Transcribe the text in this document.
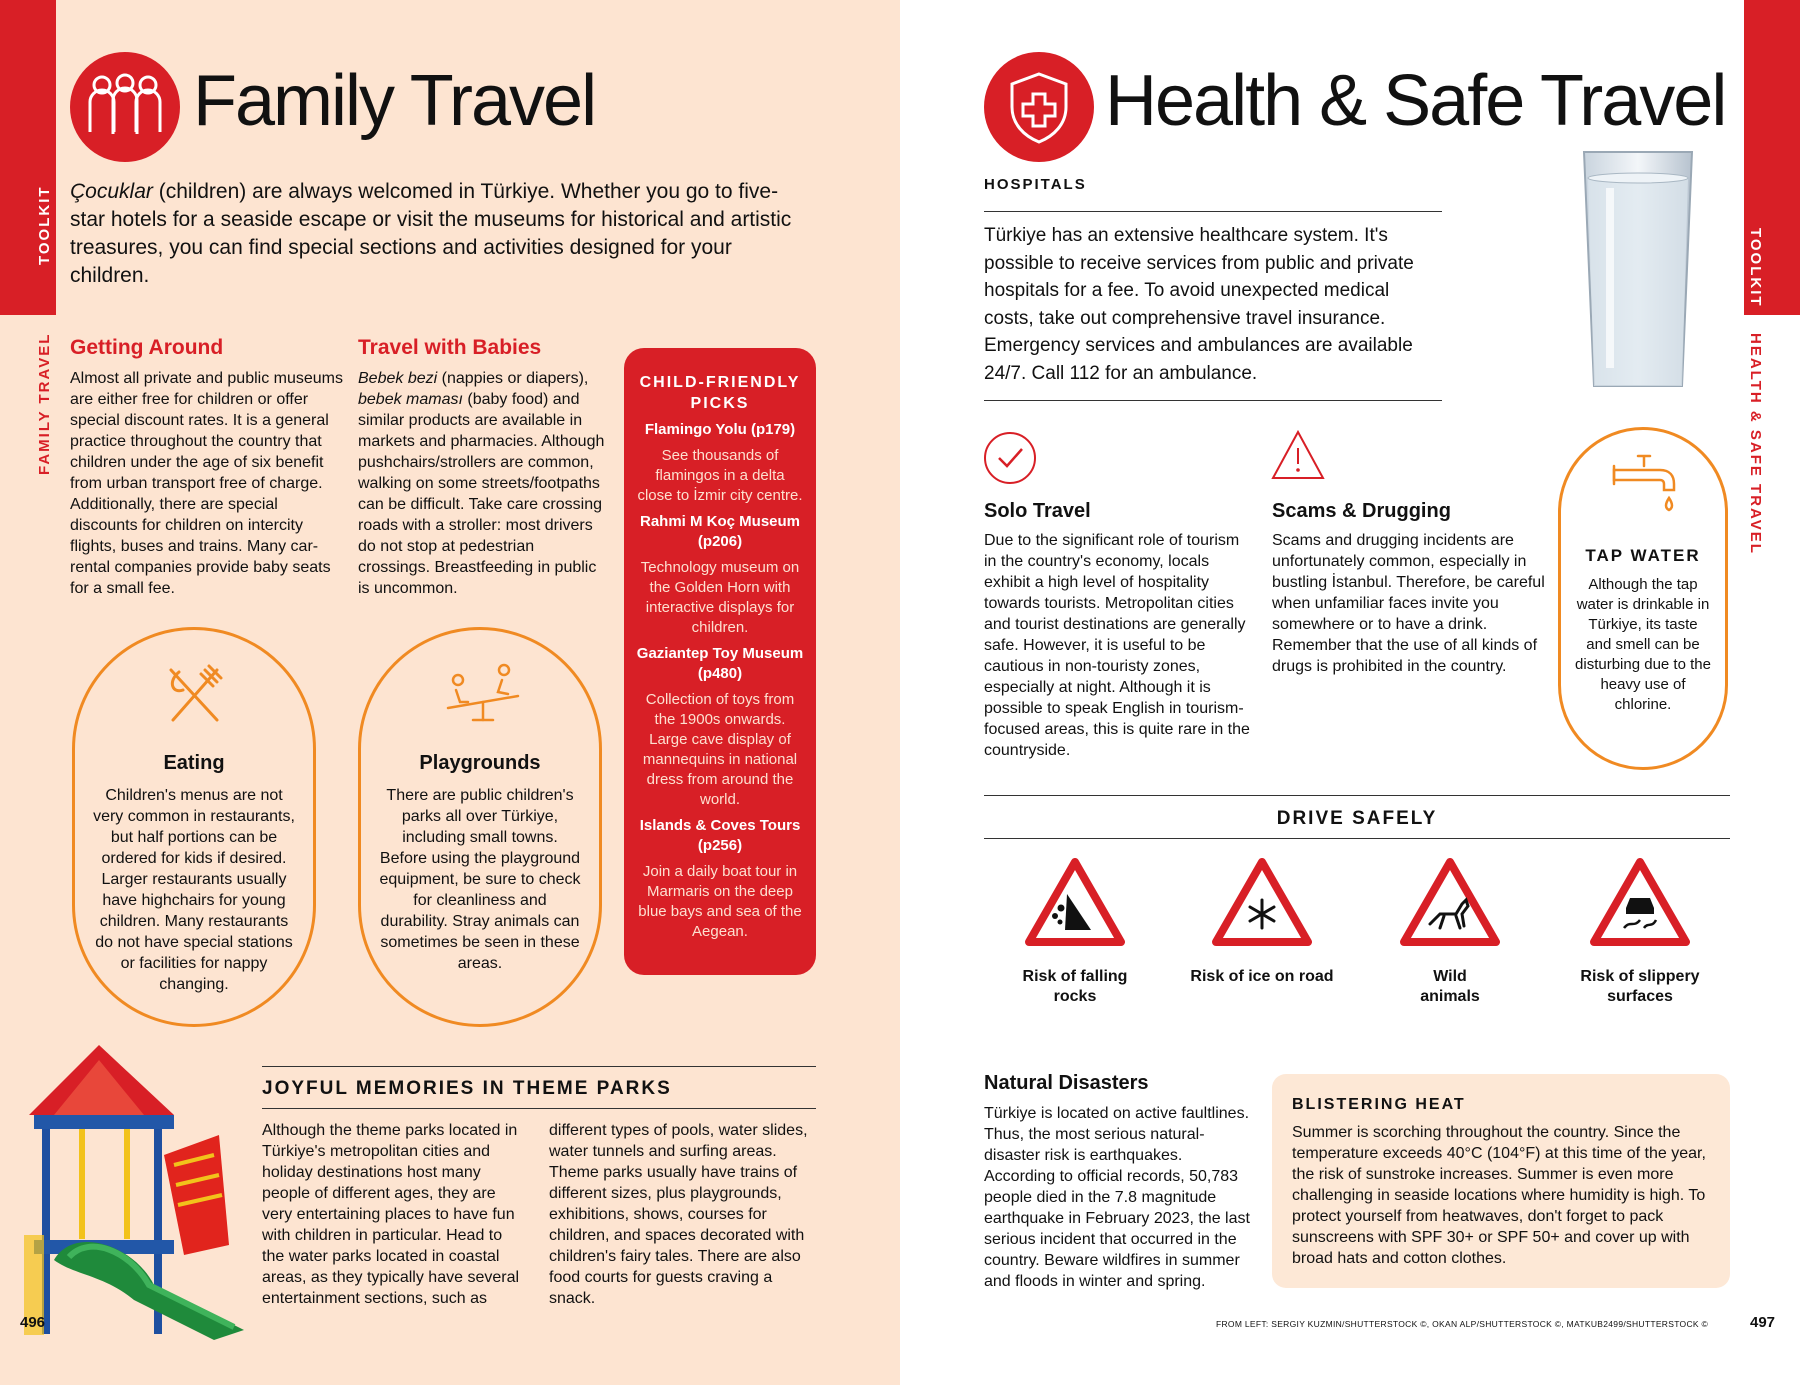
TOOLKIT
FAMILY TRAVEL
Family Travel

Çocuklar (children) are always welcomed in Türkiye. Whether you go to five-star hotels for a seaside escape or visit the museums for historical and artistic treasures, you can find special sections and activities designed for your children.

Getting Around

Almost all private and public museums are either free for children or offer special discount rates. It is a general practice throughout the country that children under the age of six benefit from urban transport free of charge. Additionally, there are special discounts for children on intercity flights, buses and trains. Many car-rental companies provide baby seats for a small fee.

Travel with Babies

Bebek bezi (nappies or diapers), bebek maması (baby food) and similar products are available in markets and pharmacies. Although pushchairs/strollers are common, walking on some streets/footpaths can be difficult. Take care crossing roads with a stroller: most drivers do not stop at pedestrian crossings. Breastfeeding in public is uncommon.

CHILD-FRIENDLY PICKS
Flamingo Yolu (p179)
See thousands of flamingos in a delta close to İzmir city centre.
Rahmi M Koç Museum (p206)
Technology museum on the Golden Horn with interactive displays for children.
Gaziantep Toy Museum (p480)
Collection of toys from the 1900s onwards. Large cave display of mannequins in national dress from around the world.
Islands & Coves Tours (p256)
Join a daily boat tour in Marmaris on the deep blue bays and sea of the Aegean.
Eating

Children's menus are not very common in restaurants, but half portions can be ordered for kids if desired. Larger restaurants usually have highchairs for young children. Many restaurants do not have special stations or facilities for nappy changing.

Playgrounds

There are public children's parks all over Türkiye, including small towns. Before using the playground equipment, be sure to check for cleanliness and durability. Stray animals can sometimes be seen in these areas.

JOYFUL MEMORIES IN THEME PARKS

Although the theme parks located in Türkiye's metropolitan cities and holiday destinations host many people of different ages, they are very entertaining places to have fun with children in particular. Head to the water parks located in coastal areas, as they typically have several entertainment sections, such as

different types of pools, water slides, water tunnels and surfing areas. Theme parks usually have trains of different sizes, plus playgrounds, exhibitions, shows, courses for children, and spaces decorated with children's fairy tales. There are also food courts for guests craving a snack.

496
TOOLKIT
HEALTH & SAFE TRAVEL
Health & Safe Travel
HOSPITALS

Türkiye has an extensive healthcare system. It's possible to receive services from public and private hospitals for a fee. To avoid unexpected medical costs, take out comprehensive travel insurance. Emergency services and ambulances are available 24/7. Call 112 for an ambulance.

Solo Travel

Due to the significant role of tourism in the country's economy, locals exhibit a high level of hospitality towards tourists. Metropolitan cities and tourist destinations are generally safe. However, it is useful to be cautious in non-touristy zones, especially at night. Although it is possible to speak English in tourism-focused areas, this is quite rare in the countryside.

Scams & Drugging

Scams and drugging incidents are unfortunately common, especially in bustling İstanbul. Therefore, be careful when unfamiliar faces invite you somewhere or to have a drink. Remember that the use of all kinds of drugs is prohibited in the country.

TAP WATER

Although the tap water is drinkable in Türkiye, its taste and smell can be disturbing due to the heavy use of chlorine.

DRIVE SAFELY
Risk of falling rocks
Risk of ice on road	Wild animals
Risk of slippery surfaces
Natural Disasters

Türkiye is located on active faultlines. Thus, the most serious natural-disaster risk is earthquakes. According to official records, 50,783 people died in the 7.8 magnitude earthquake in February 2023, the last serious incident that occurred in the country. Beware wildfires in summer and floods in winter and spring.

BLISTERING HEAT

Summer is scorching throughout the country. Since the temperature exceeds 40°C (104°F) at this time of the year, the risk of sunstroke increases. Summer is even more challenging in seaside locations where humidity is high. To protect yourself from heatwaves, don't forget to pack sunscreens with SPF 30+ or SPF 50+ and cover up with broad hats and cotton clothes.

FROM LEFT: SERGIY KUZMIN/SHUTTERSTOCK ©, OKAN ALP/SHUTTERSTOCK ©, MATKUB2499/SHUTTERSTOCK ©	497
